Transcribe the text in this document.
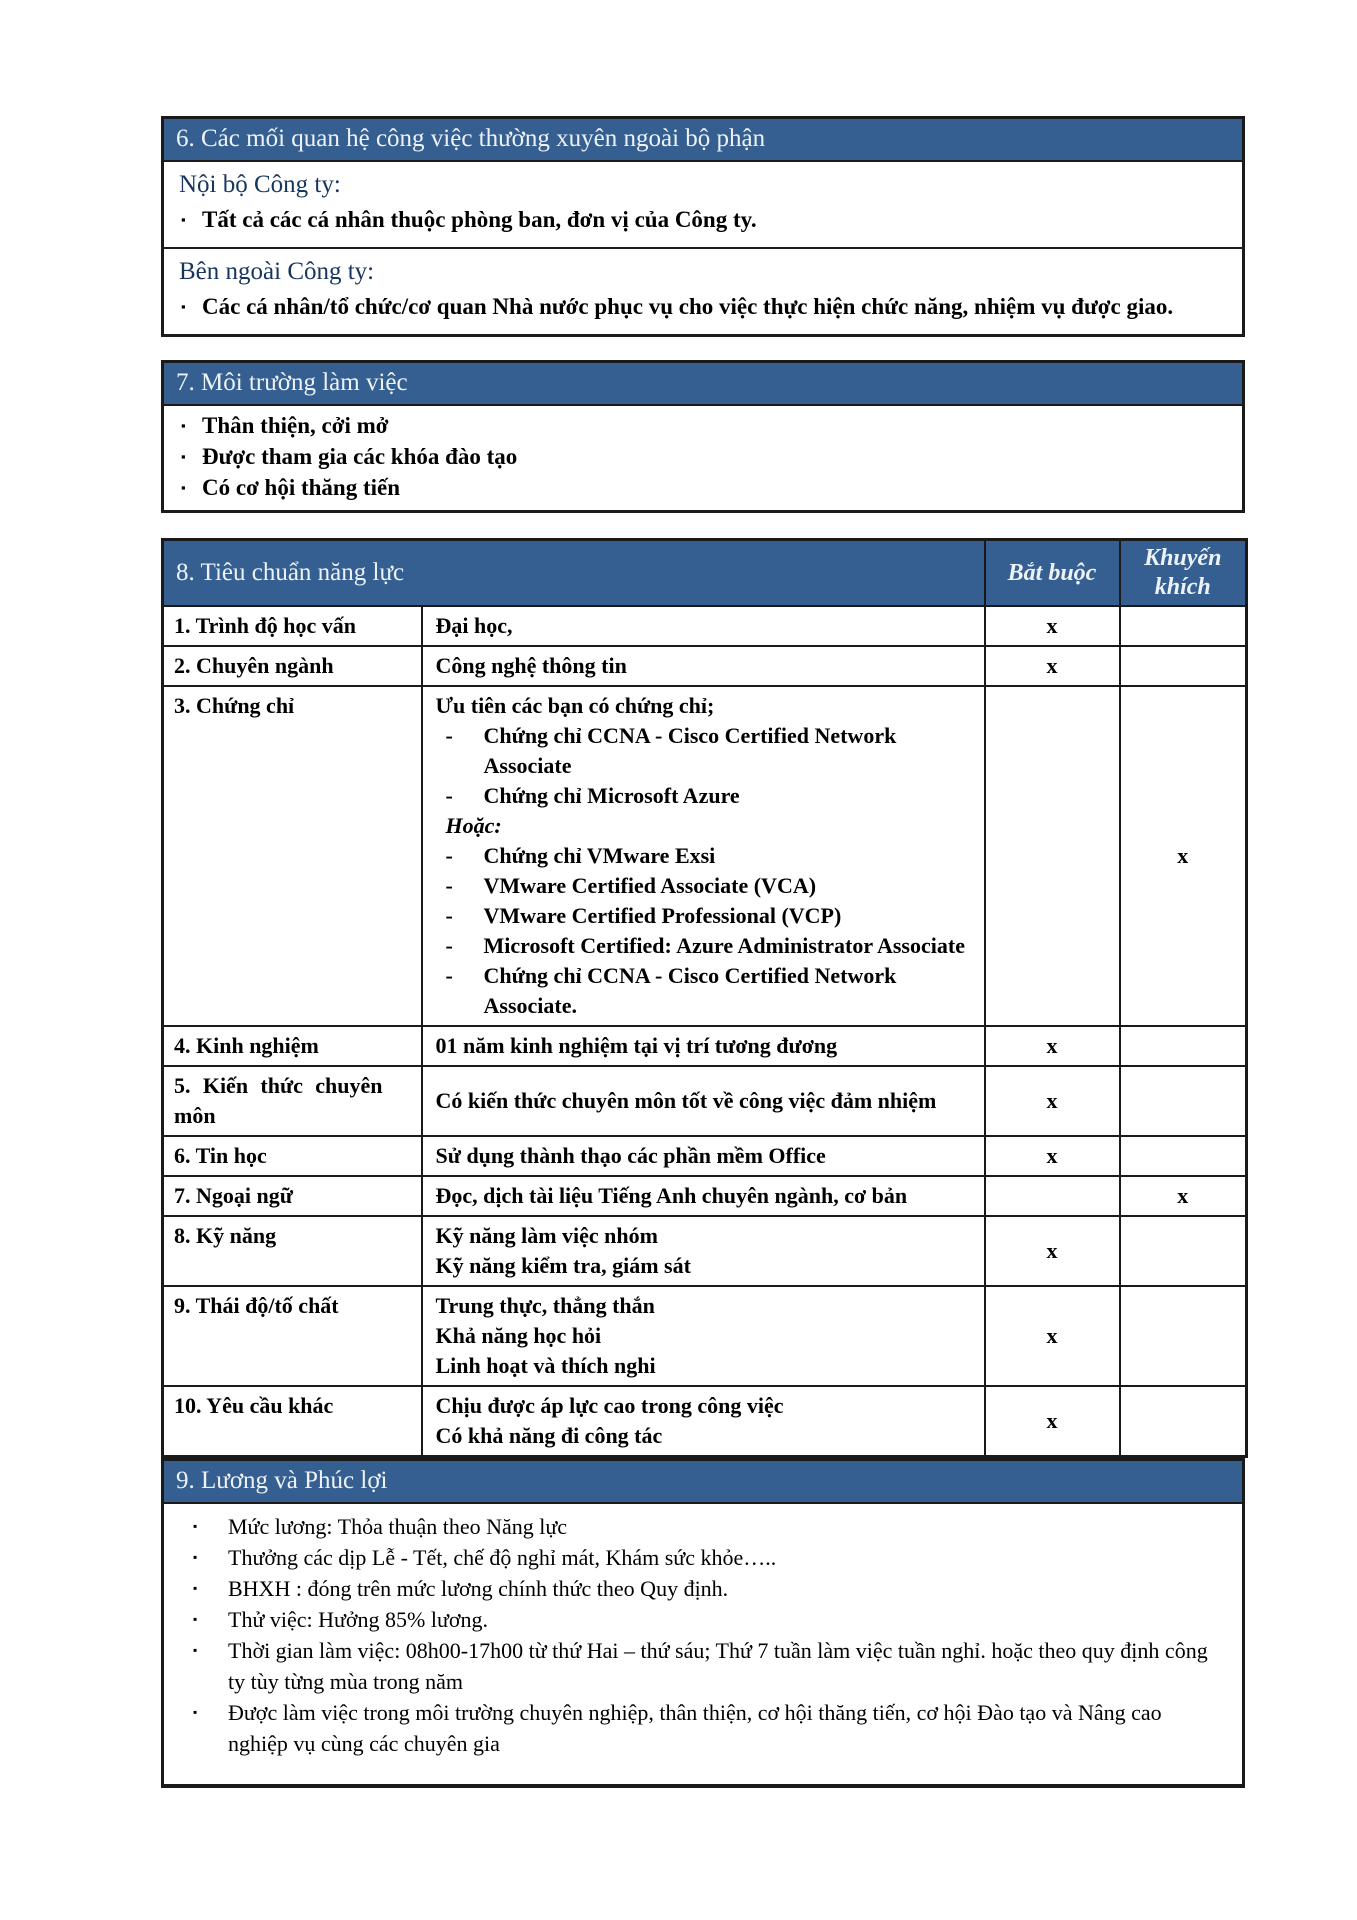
6. Các mối quan hệ công việc thường xuyên ngoài bộ phận
Nội bộ Công ty:
▪ Tất cả các cá nhân thuộc phòng ban, đơn vị của Công ty.
Bên ngoài Công ty:
▪ Các cá nhân/tổ chức/cơ quan Nhà nước phục vụ cho việc thực hiện chức năng, nhiệm vụ được giao.
7. Môi trường làm việc
▪ Thân thiện, cởi mở
▪ Được tham gia các khóa đào tạo
▪ Có cơ hội thăng tiến
8. Tiêu chuẩn năng lực		Bắt buộc	Khuyến khích

1. Trình độ học vấn	Đại học,	x	

2. Chuyên ngành	Công nghệ thông tin	x	

3. Chứng chỉ	Ưu tiên các bạn có chứng chỉ;
-	Chứng chỉ CCNA - Cisco Certified Network Associate
-	Chứng chỉ Microsoft Azure
Hoặc:
-	Chứng chỉ VMware Exsi
-	VMware Certified Associate (VCA)
-	VMware Certified Professional (VCP)
-	Microsoft Certified: Azure Administrator Associate
-	Chứng chỉ CCNA - Cisco Certified Network Associate.
		x

4. Kinh nghiệm	01 năm kinh nghiệm tại vị trí tương đương	x	

5. Kiến thức chuyên môn	Có kiến thức chuyên môn tốt về công việc đảm nhiệm	x	

6. Tin học	Sử dụng thành thạo các phần mềm Office	x	

7. Ngoại ngữ	Đọc, dịch tài liệu Tiếng Anh chuyên ngành, cơ bản		x

8. Kỹ năng	Kỹ năng làm việc nhóm
Kỹ năng kiểm tra, giám sát	x	

9. Thái độ/tố chất	Trung thực, thẳng thắn
Khả năng học hỏi
Linh hoạt và thích nghi	x	

10. Yêu cầu khác	Chịu được áp lực cao trong công việc
Có khả năng đi công tác	x	
9. Lương và Phúc lợi
▪	Mức lương: Thỏa thuận theo Năng lực
▪	Thưởng các dịp Lễ - Tết, chế độ nghỉ mát, Khám sức khỏe…..
▪	BHXH : đóng trên mức lương chính thức theo Quy định.
▪	Thử việc: Hưởng 85% lương.
▪	Thời gian làm việc: 08h00-17h00 từ thứ Hai – thứ sáu; Thứ 7 tuần làm việc tuần nghỉ. hoặc theo quy định công ty tùy từng mùa trong năm
▪	Được làm việc trong môi trường chuyên nghiệp, thân thiện, cơ hội thăng tiến, cơ hội Đào tạo và Nâng cao nghiệp vụ cùng các chuyên gia
